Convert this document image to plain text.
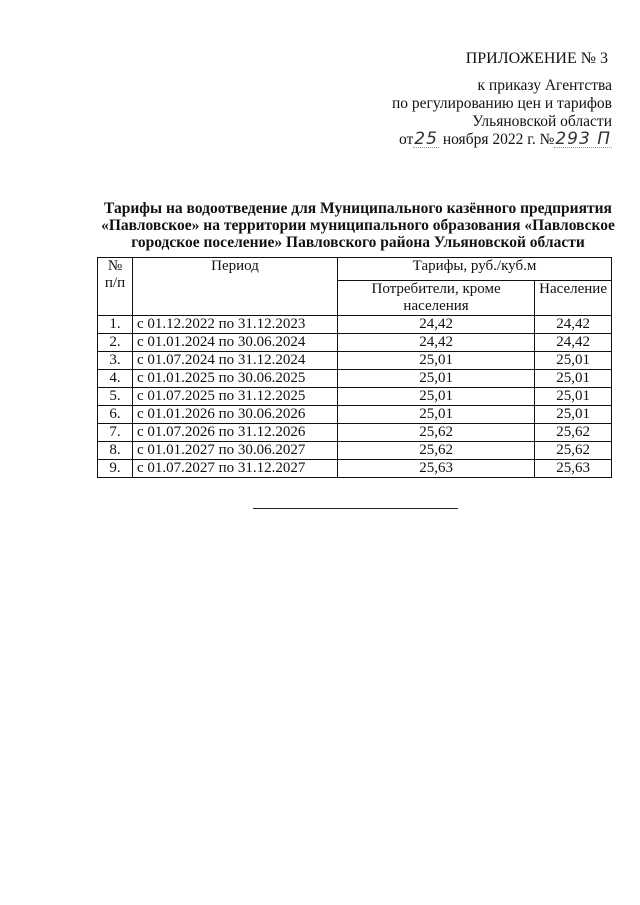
ПРИЛОЖЕНИЕ № 3
к приказу Агентства
по регулированию цен и тарифов
Ульяновской области
от25 ноября 2022 г. №293 П
Тарифы на водоотведение для Муниципального казённого предприятия
«Павловское» на территории муниципального образования «Павловское
городское поселение» Павловского района Ульяновской области
№ п/п	Период	Тарифы, руб./куб.м	
		Потребители, кроме населения	Население
1.	с 01.12.2022 по 31.12.2023	24,42	24,42
2.	с 01.01.2024 по 30.06.2024	24,42	24,42
3.	с 01.07.2024 по 31.12.2024	25,01	25,01
4.	с 01.01.2025 по 30.06.2025	25,01	25,01
5.	с 01.07.2025 по 31.12.2025	25,01	25,01
6.	с 01.01.2026 по 30.06.2026	25,01	25,01
7.	с 01.07.2026 по 31.12.2026	25,62	25,62
8.	с 01.01.2027 по 30.06.2027	25,62	25,62
9.	с 01.07.2027 по 31.12.2027	25,63	25,63
